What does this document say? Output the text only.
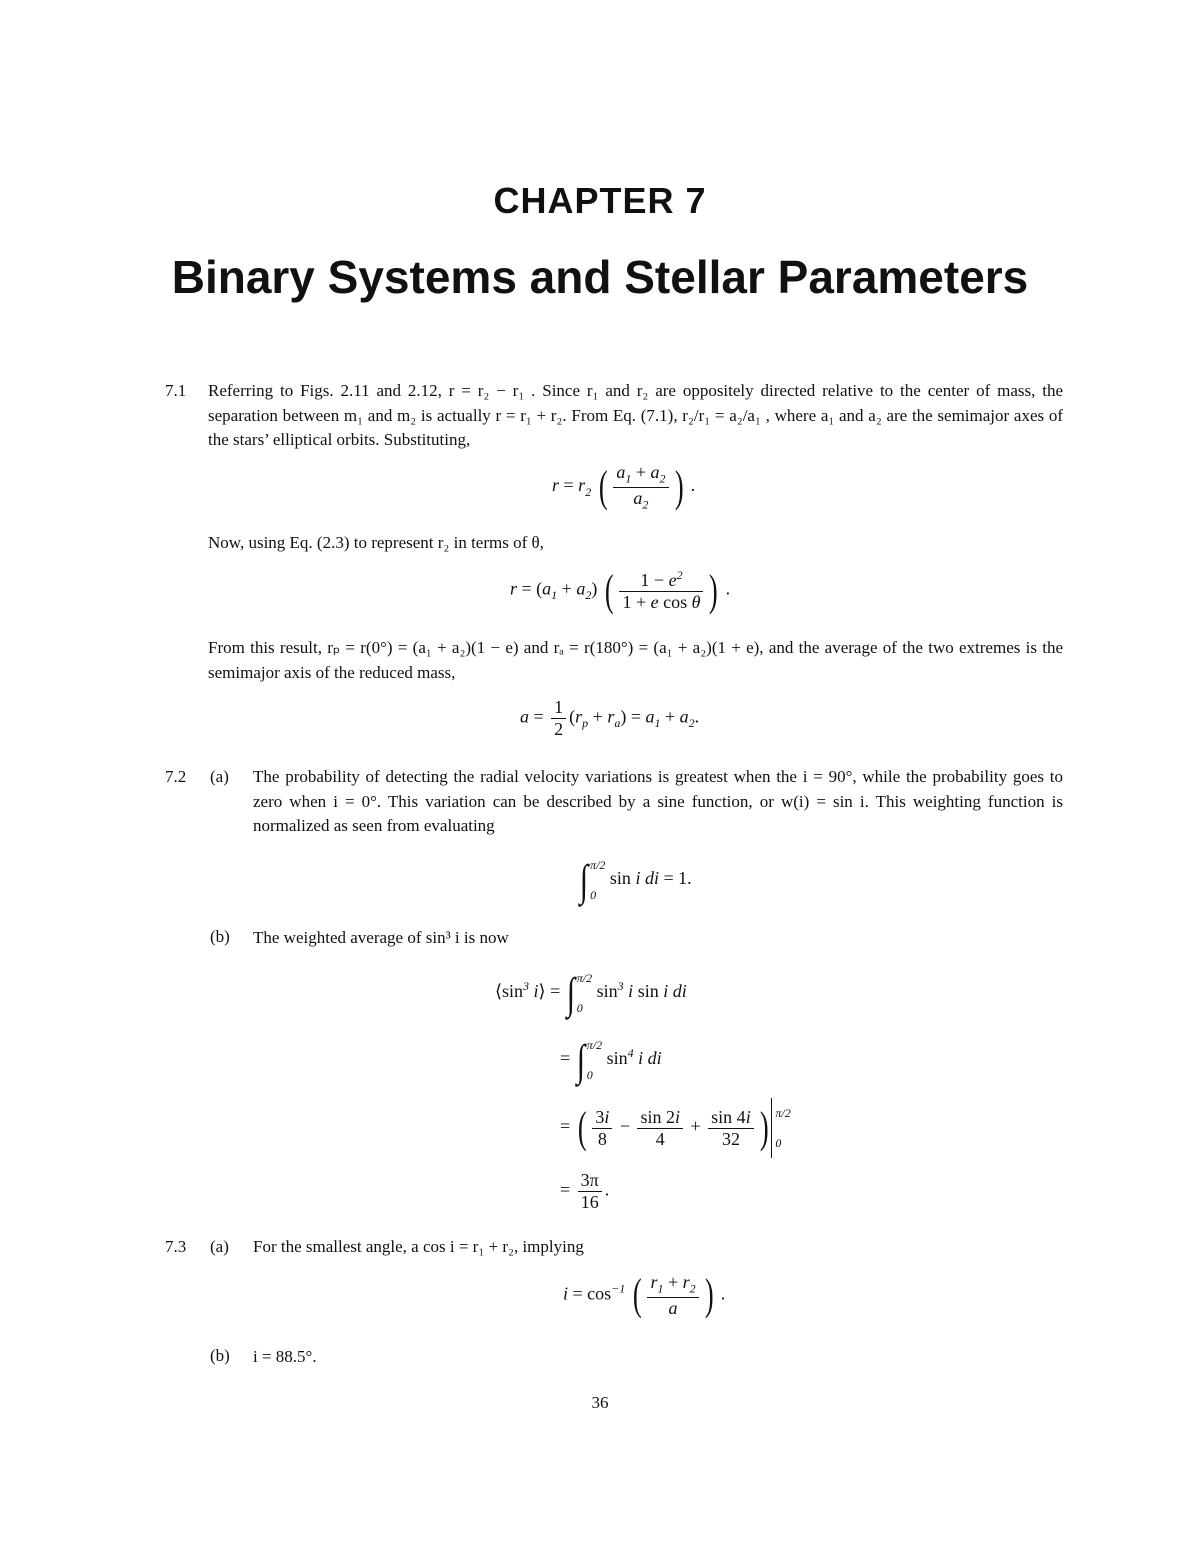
CHAPTER 7
Binary Systems and Stellar Parameters
7.1 Referring to Figs. 2.11 and 2.12, r = r₂ − r₁ . Since r₁ and r₂ are oppositely directed relative to the center of mass, the separation between m₁ and m₂ is actually r = r₁ + r₂. From Eq. (7.1), r₂/r₁ = a₂/a₁ , where a₁ and a₂ are the semimajor axes of the stars’ elliptical orbits. Substituting,
$r = r_2$ ( $\frac{a_1 + a_2}{a_2}$ ) .
Now, using Eq. (2.3) to represent r₂ in terms of θ,
$r = (a_1 + a_2)$ ( $\frac{1 - e^2}{\text{1 + e cos θ}}$ ) .
From this result, rₚ = r(0°) = (a₁ + a₂)(1 − e) and rₐ = r(180°) = (a₁ + a₂)(1 + e), and the average of the two extremes is the semimajor axis of the reduced mass,
$a = \frac{1}{2} (r_p + r_a) = a_1 + a_2$.
7.2 (a) The probability of detecting the radial velocity variations is greatest when the i = 90°, while the probability goes to zero when i = 0°. This variation can be described by a sine function, or w(i) = sin i. This weighting function is normalized as seen from evaluating
∫ π/2
0
sin i di = 1.
(b) The weighted average of sin³ i is now
$⟨\sin^3$ i⟩ = ∫ π/2
0
$\sin^3 i$ sin i di
= ∫ π/2
0
$\sin^4 i$ di
= ( $\frac{3i}{8} - \frac{\sin 2i}{4} + \frac{\sin 4i}{32}$ ) π/2
0
= $\frac{3\pi}{16}$ .
7.3 (a) For the smallest angle, a cos i = r₁ + r₂, implying
$i = \cos^{-1}$ ( $\frac{r_1 + r_2}{a}$ ) .
(b) i = 88.5°.
36
